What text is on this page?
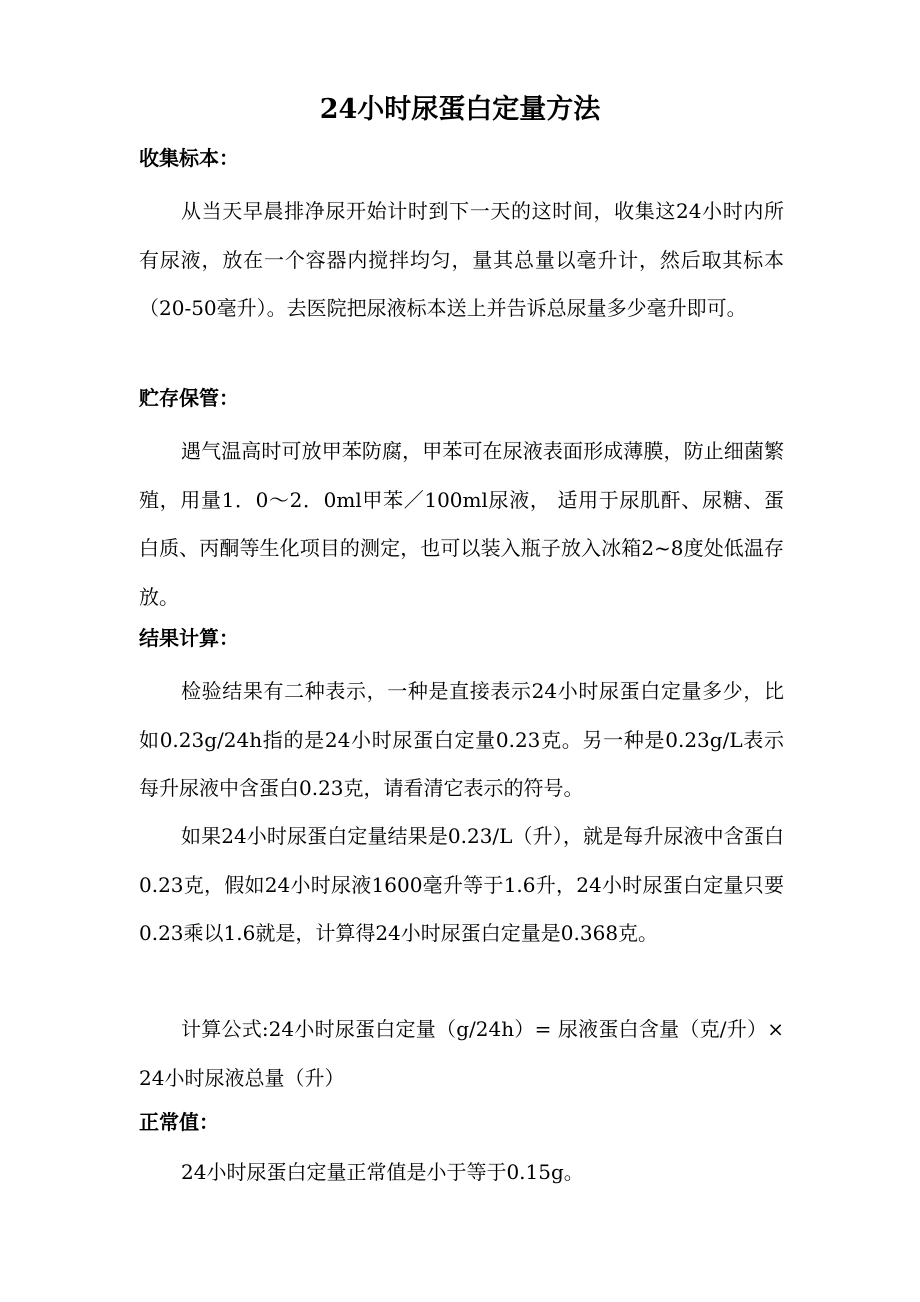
24小时尿蛋白定量方法

收集标本：

从当天早晨排净尿开始计时到下一天的这时间，收集这24小时内所有尿液，放在一个容器内搅拌均匀，量其总量以毫升计，然后取其标本（20-50毫升）。去医院把尿液标本送上并告诉总尿量多少毫升即可。

贮存保管：

遇气温高时可放甲苯防腐，甲苯可在尿液表面形成薄膜，防止细菌繁殖，用量1．0～2．0ml甲苯／100ml尿液， 适用于尿肌酐、尿糖、蛋白质、丙酮等生化项目的测定，也可以装入瓶子放入冰箱2~8度处低温存放。

结果计算：

检验结果有二种表示，一种是直接表示24小时尿蛋白定量多少，比如0.23g/24h指的是24小时尿蛋白定量0.23克。另一种是0.23g/L表示每升尿液中含蛋白0.23克，请看清它表示的符号。

如果24小时尿蛋白定量结果是0.23/L（升），就是每升尿液中含蛋白0.23克，假如24小时尿液1600毫升等于1.6升，24小时尿蛋白定量只要0.23乘以1.6就是，计算得24小时尿蛋白定量是0.368克。

计算公式:24小时尿蛋白定量（g/24h）= 尿液蛋白含量（克/升）×24小时尿液总量（升）

正常值：

24小时尿蛋白定量正常值是小于等于0.15g。
